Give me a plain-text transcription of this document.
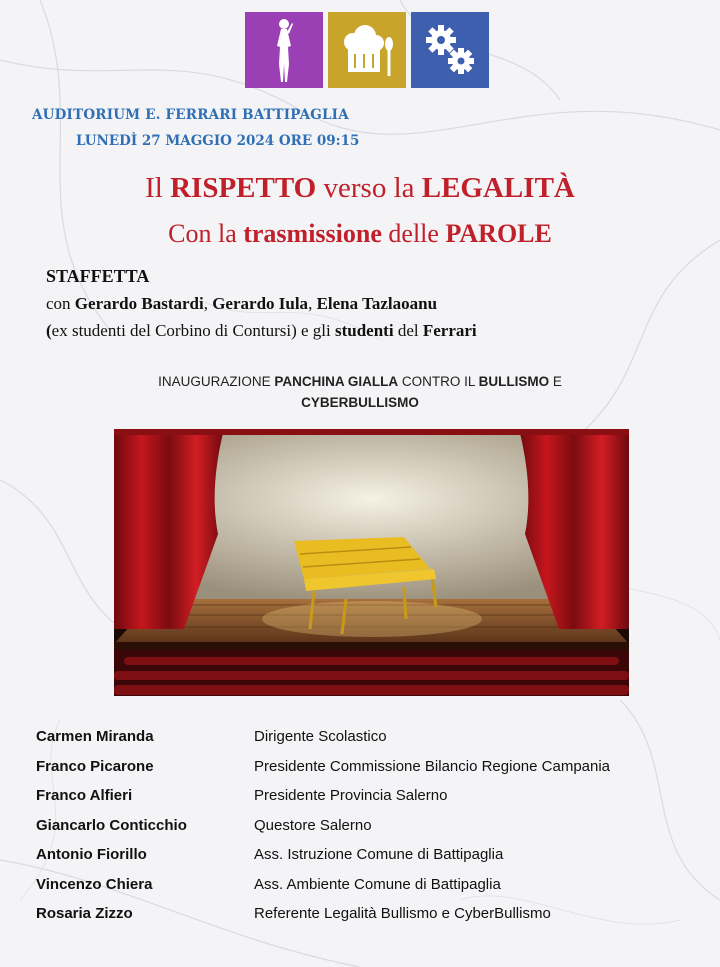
AUDITORIUM E. FERRARI BATTIPAGLIA
LUNEDÌ 27 MAGGIO 2024 ORE 09:15
Il RISPETTO verso la LEGALITÀ
Con la trasmissione delle PAROLE
STAFFETTA
con Gerardo Bastardi, Gerardo Iula, Elena Tazlaoanu
(ex studenti del Corbino di Contursi) e gli studenti del Ferrari
INAUGURAZIONE PANCHINA GIALLA CONTRO IL BULLISMO E
CYBERBULLISMO
Carmen Miranda	Dirigente Scolastico
Franco Picarone	Presidente Commissione Bilancio Regione Campania
Franco Alfieri	Presidente Provincia Salerno
Giancarlo Conticchio	Questore Salerno
Antonio Fiorillo	Ass. Istruzione Comune di Battipaglia
Vincenzo Chiera	Ass. Ambiente Comune di Battipaglia
Rosaria Zizzo	Referente Legalità Bullismo e CyberBullismo
